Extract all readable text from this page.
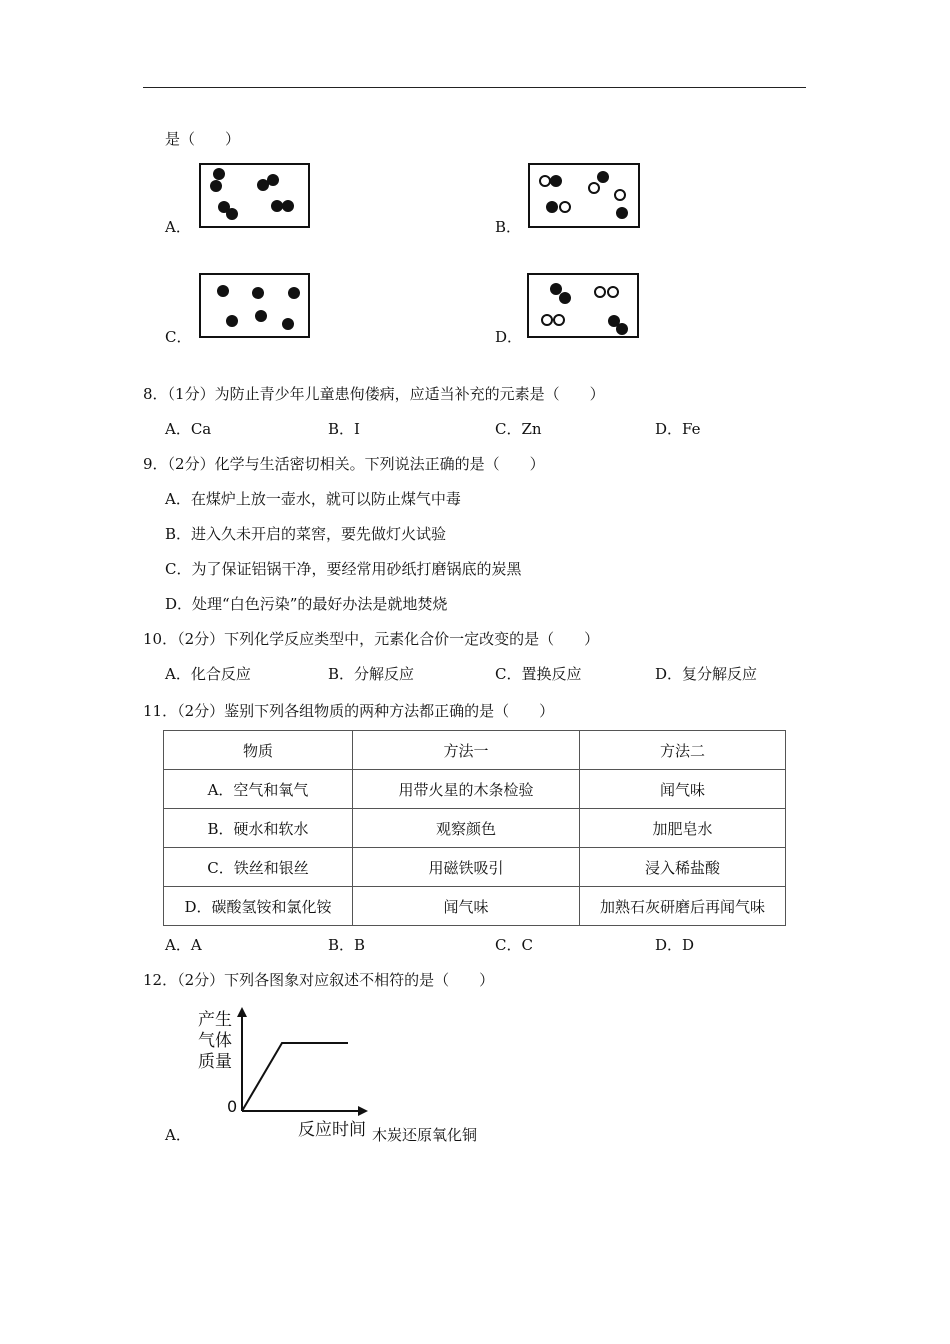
是（　　）
A．	B．
C．	D．
8．（1分）为防止青少年儿童患佝偻病，应适当补充的元素是（　　）
A．Ca	B．I	C．Zn	D．Fe
9．（2分）化学与生活密切相关。下列说法正确的是（　　）
A．在煤炉上放一壶水，就可以防止煤气中毒
B．进入久未开启的菜窖，要先做灯火试验
C．为了保证铝锅干净，要经常用砂纸打磨锅底的炭黑
D．处理“白色污染”的最好办法是就地焚烧
10．（2分）下列化学反应类型中，元素化合价一定改变的是（　　）
A．化合反应	B．分解反应	C．置换反应	D．复分解反应
11．（2分）鉴别下列各组物质的两种方法都正确的是（　　）
物质	方法一	方法二
A．空气和氧气	用带火星的木条检验	闻气味
B．硬水和软水	观察颜色	加肥皂水
C．铁丝和银丝	用磁铁吸引	浸入稀盐酸
D．碳酸氢铵和氯化铵	闻气味	加熟石灰研磨后再闻气味
A．A	B．B	C．C	D．D
12．（2分）下列各图象对应叙述不相符的是（　　）
A．
产生气体质量
0
反应时间 木炭还原氧化铜
